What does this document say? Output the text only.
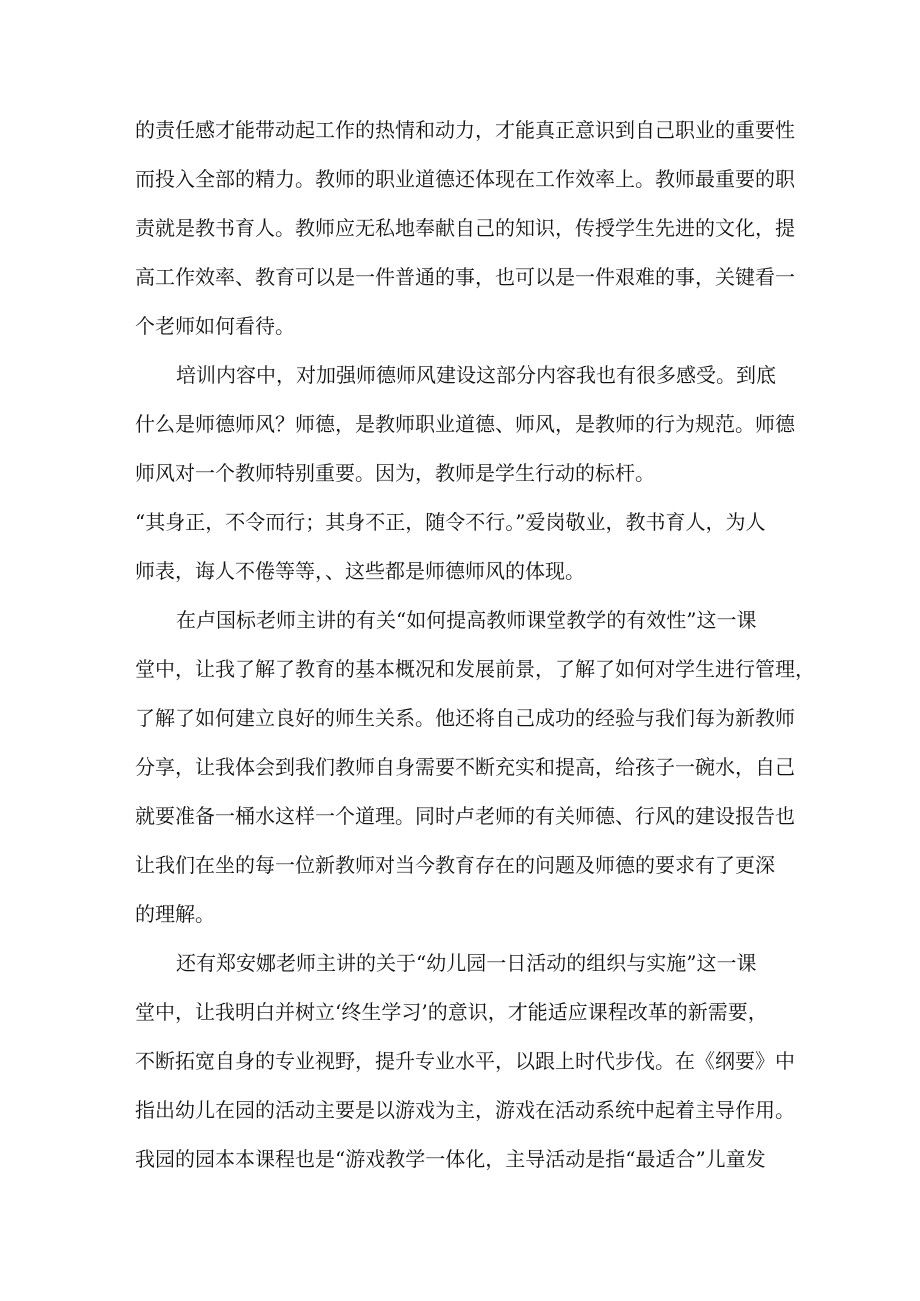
的责任感才能带动起工作的热情和动力，才能真正意识到自己职业的重要性
而投入全部的精力。教师的职业道德还体现在工作效率上。教师最重要的职
责就是教书育人。教师应无私地奉献自己的知识，传授学生先进的文化，提
高工作效率、教育可以是一件普通的事，也可以是一件艰难的事，关键看一
个老师如何看待。
培训内容中，对加强师德师风建设这部分内容我也有很多感受。到底
什么是师德师风？师德，是教师职业道德、师风，是教师的行为规范。师德
师风对一个教师特别重要。因为，教师是学生行动的标杆。
“其身正，不令而行；其身不正，随令不行。”爱岗敬业，教书育人，为人
师表，诲人不倦等等，、这些都是师德师风的体现。
在卢国标老师主讲的有关“如何提高教师课堂教学的有效性”这一课
堂中，让我了解了教育的基本概况和发展前景，了解了如何对学生进行管理，
了解了如何建立良好的师生关系。他还将自己成功的经验与我们每为新教师
分享，让我体会到我们教师自身需要不断充实和提高，给孩子一碗水，自己
就要准备一桶水这样一个道理。同时卢老师的有关师德、行风的建设报告也
让我们在坐的每一位新教师对当今教育存在的问题及师德的要求有了更深
的理解。
还有郑安娜老师主讲的关于“幼儿园一日活动的组织与实施”这一课
堂中，让我明白并树立‘终生学习’的意识，才能适应课程改革的新需要，
不断拓宽自身的专业视野，提升专业水平，以跟上时代步伐。在《纲要》中
指出幼儿在园的活动主要是以游戏为主，游戏在活动系统中起着主导作用。
我园的园本本课程也是“游戏教学一体化，主导活动是指“最适合”儿童发
